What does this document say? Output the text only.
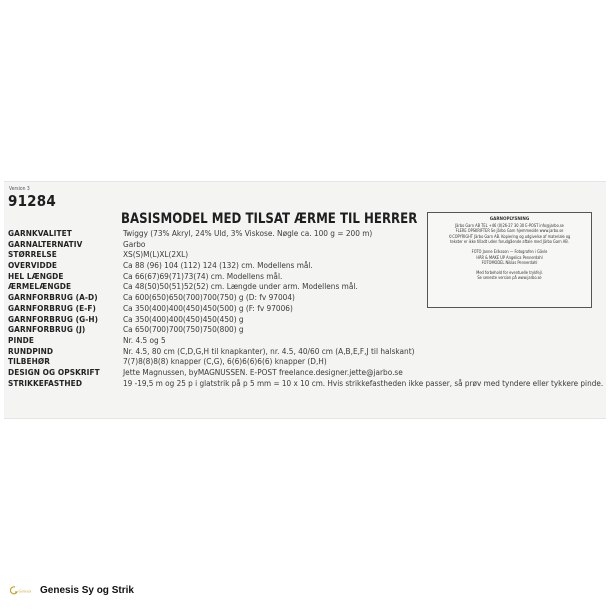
Version 3
91284
BASISMODEL MED TILSAT ÆRME TIL HERRER
GARNKVALITET	Twiggy (73% Akryl, 24% Uld, 3% Viskose. Nøgle ca. 100 g = 200 m)
GARNALTERNATIV	Garbo
STØRRELSE	XS(S)M(L)XL(2XL)
OVERVIDDE	Ca 88 (96) 104 (112) 124 (132) cm. Modellens mål.
HEL LÆNGDE	Ca 66(67)69(71)73(74) cm. Modellens mål.
ÆRMELÆNGDE	Ca 48(50)50(51)52(52) cm. Længde under arm. Modellens mål.
GARNFORBRUG (A-D)	Ca 600(650)650(700)700(750) g (D: fv 97004)
GARNFORBRUG (E-F)	Ca 350(400)400(450)450(500) g (F: fv 97006)
GARNFORBRUG (G-H)	Ca 350(400)400(450)450(450) g
GARNFORBRUG (J)	Ca 650(700)700(750)750(800) g
PINDE	Nr. 4.5 og 5
RUNDPIND	Nr. 4.5, 80 cm (C,D,G,H til knapkanter), nr. 4.5, 40/60 cm (A,B,E,F,J til halskant)
TILBEHØR	7(7)8(8)8(8) knapper (C,G), 6(6)6(6)6(6) knapper (D,H)
DESIGN OG OPSKRIFT	Jette Magnussen, byMAGNUSSEN. E-POST freelance.designer.jette@jarbo.se
STRIKKEFASTHED	19 -19,5 m og 25 p i glatstrik på p 5 mm = 10 x 10 cm. Hvis strikkefastheden ikke passer, så prøv med tyndere eller tykkere pinde.
GARNOPLYSNING
Järbo Garn AB TEL +46 (0)26-27 30 30 E-POST info@jarbo.se
FLERE OPSKRIFTER Se Järbo Garn hjemmeside www.jarbo.se
©COPYRIGHT Järbo Garn AB. Kopiering og udgivelse af materiale og
tekster er ikke tilladt uden forudgående aftale med Järbo Garn AB.
FOTO Janne Eriksson — Fotografen i Gävle
HÅR & MAKE UP Angelica Pennerdahl
FOTOMODEL Niklas Pennerdahl
Med forbehold for eventuelle trykfejl.
Se seneste version på www.jarbo.se
Genesis Genesis Sy og Strik
